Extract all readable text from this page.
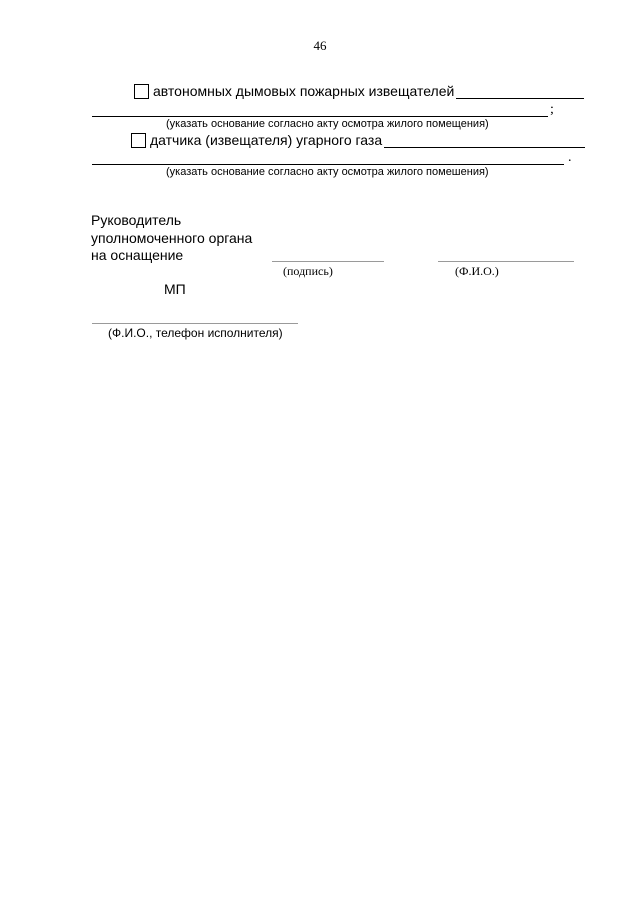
46
автономных дымовых пожарных извещателей
;
(указать основание согласно акту осмотра жилого помещения)
датчика (извещателя) угарного газа
.
(указать основание согласно акту осмотра жилого помешения)
Руководитель
уполномоченного органа
на оснащение
(подпись)	(Ф.И.О.)
МП
(Ф.И.О., телефон исполнителя)
